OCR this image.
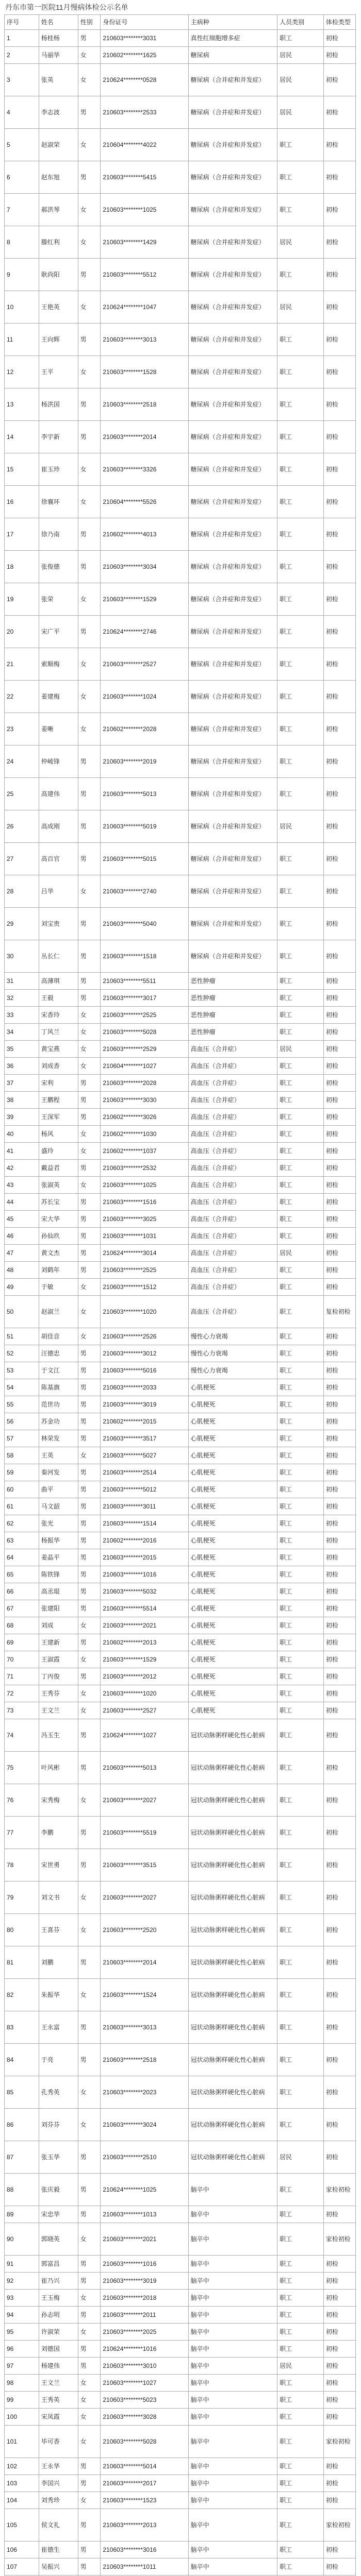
丹东市第一医院11月慢病体检公示名单
序号	姓名	性别	身份证号	主病种	人员类别	体检类型
1	杨桂杨	男	210603********3031	真性红细胞增多症	职工	初检
2	马丽华	女	210602********1625	糖尿病	居民	初检
3	张英	女	210624********0528	糖尿病（合并症和并发症）	居民	初检
4	李志波	男	210603********2533	糖尿病（合并症和并发症）	居民	初检
5	赵淑荣	女	210604********4022	糖尿病（合并症和并发症）	职工	初检
6	赵东旭	男	210603********5415	糖尿病（合并症和并发症）	职工	初检
7	郝洪琴	女	210603********1025	糖尿病（合并症和并发症）	职工	初检
8	滕红利	女	210603********1429	糖尿病（合并症和并发症）	居民	初检
9	耿尚阳	男	210603********5512	糖尿病（合并症和并发症）	职工	初检
10	王艳英	女	210624********1047	糖尿病（合并症和并发症）	居民	初检
11	王向辉	男	210603********3013	糖尿病（合并症和并发症）	职工	初检
12	王平	女	210603********1528	糖尿病（合并症和并发症）	职工	初检
13	杨洪国	男	210603********2518	糖尿病（合并症和并发症）	职工	初检
14	李宇新	男	210603********2014	糖尿病（合并症和并发症）	职工	初检
15	崔玉珍	女	210603********3326	糖尿病（合并症和并发症）	职工	初检
16	徐襄环	女	210604********5526	糖尿病（合并症和并发症）	职工	初检
17	徐乃南	男	210602********4013	糖尿病（合并症和并发症）	职工	初检
18	张俊德	男	210603********3034	糖尿病（合并症和并发症）	职工	初检
19	张荣	女	210603********1529	糖尿病（合并症和并发症）	职工	初检
20	宋广平	男	210624********2746	糖尿病（合并症和并发症）	职工	初检
21	索顺梅	女	210603********2527	糖尿病（合并症和并发症）	职工	初检
22	姜建梅	女	210603********1024	糖尿病（合并症和并发症）	职工	初检
23	姜晰	女	210602********2028	糖尿病（合并症和并发症）	职工	初检
24	仲崚锋	男	210603********2019	糖尿病（合并症和并发症）	职工	初检
25	高建伟	男	210603********5013	糖尿病（合并症和并发症）	职工	初检
26	高成刚	男	210603********5019	糖尿病（合并症和并发症）	居民	初检
27	高百官	男	210603********5015	糖尿病（合并症和并发症）	职工	初检
28	吕华	女	210603********2740	糖尿病（合并症和并发症）	职工	初检
29	刘宝贵	男	210603********5040	糖尿病（合并症和并发症）	职工	初检
30	丛长仁	男	210603********1518	糖尿病（合并症和并发症）	职工	初检
31	高薄琪	男	210603********5511	恶性肿瘤	职工	初检
32	王毅	男	210603********3017	恶性肿瘤	职工	初检
33	宋香玲	女	210603********2525	恶性肿瘤	职工	初检
34	丁风兰	女	210603********5028	恶性肿瘤	职工	初检
35	黄宝燕	女	210603********2529	高血压（合并症）	居民	初检
36	刘成香	女	210604********1027	高血压（合并症）	职工	初检
37	宋利	男	210603********2028	高血压（合并症）	职工	初检
38	王鹏程	男	210603********3030	高血压（合并症）	职工	初检
39	王深军	男	210602********3026	高血压（合并症）	职工	初检
40	杨风	女	210602********1030	高血压（合并症）	职工	初检
41	盛玲	女	210602********1037	高血压（合并症）	职工	初检
42	戴益君	男	210603********2532	高血压（合并症）	职工	初检
43	张淑英	女	210603********1025	高血压（合并症）	职工	初检
44	苏长宝	男	210603********1516	高血压（合并症）	职工	初检
45	宋大华	男	210603********3025	高血压（合并症）	职工	初检
46	孙仙玖	男	210603********1031	高血压（合并症）	职工	初检
47	黄文杰	男	210624********3014	高血压（合并症）	居民	初检
48	刘鹤年	男	210603********2525	高血压（合并症）	职工	初检
49	于敏	女	210603********1512	高血压（合并症）	职工	初检
50	赵淑兰	女	210603********1020	高血压（合并症）	职工	复检初检
51	胡佳音	女	210603********2526	慢性心力衰竭	职工	初检
52	汪德忠	男	210603********3012	慢性心力衰竭	职工	初检
53	于文江	男	210603********5016	慢性心力衰竭	职工	初检
54	陈基旗	男	210603********2033	心肌梗死	职工	初检
55	范世功	男	210603********3019	心肌梗死	职工	初检
56	苏金功	男	210602********2015	心肌梗死	职工	初检
57	林荣发	男	210603********3517	心肌梗死	职工	初检
58	王英	女	210603********5027	心肌梗死	职工	初检
59	秦河发	男	210603********2514	心肌梗死	职工	初检
60	曲平	男	210603********5012	心肌梗死	职工	初检
61	马文韶	男	210603********3011	心肌梗死	职工	初检
62	张光	男	210603********1514	心肌梗死	职工	初检
63	杨振华	男	210602********2016	心肌梗死	职工	初检
64	姜晶平	男	210603********2015	心肌梗死	职工	初检
65	陈铁锋	男	210603********1016	心肌梗死	职工	初检
66	高丞琨	男	210603********5032	心肌梗死	职工	初检
67	张建阳	男	210603********5514	心肌梗死	职工	初检
68	刘成	女	210603********2021	心肌梗死	职工	初检
69	王建新	男	210602********2013	心肌梗死	职工	初检
70	王淑霞	女	210603********1529	心肌梗死	职工	初检
71	丁丙俊	男	210603********2012	心肌梗死	职工	初检
72	王秀芬	女	210603********1020	心肌梗死	职工	初检
73	王文兰	女	210603********2527	心肌梗死	职工	初检
74	冯玉生	男	210624********1027	冠状动脉粥样硬化性心脏病	职工	初检
75	叶风彬	男	210603********5013	冠状动脉粥样硬化性心脏病	职工	初检
76	宋秀梅	女	210603********2027	冠状动脉粥样硬化性心脏病	职工	初检
77	李鹏	男	210603********5519	冠状动脉粥样硬化性心脏病	职工	初检
78	宋世勇	男	210603********3515	冠状动脉粥样硬化性心脏病	职工	初检
79	刘文书	女	210603********2027	冠状动脉粥样硬化性心脏病	职工	初检
80	王喜芬	女	210603********2520	冠状动脉粥样硬化性心脏病	职工	初检
81	刘鹏	男	210603********2014	冠状动脉粥样硬化性心脏病	职工	初检
82	朱振华	女	210603********1524	冠状动脉粥样硬化性心脏病	职工	初检
83	王永富	男	210603********3013	冠状动脉粥样硬化性心脏病	职工	初检
84	于亮	男	210603********2518	冠状动脉粥样硬化性心脏病	职工	初检
85	孔秀英	女	210603********2023	冠状动脉粥样硬化性心脏病	职工	初检
86	刘芬芬	女	210603********3024	冠状动脉粥样硬化性心脏病	职工	初检
87	张玉华	男	210603********2510	冠状动脉粥样硬化性心脏病	居民	初检
88	张庆毅	男	210624********1025	脑卒中	职工	家检初检
89	宋忠华	男	210603********1013	脑卒中	职工	初检
90	郭晓英	女	210603********2021	脑卒中	职工	家检初检
91	郭富昌	男	210603********1016	脑卒中	职工	初检
92	崔乃兴	男	210603********3019	脑卒中	职工	初检
93	王玉梅	女	210603********2018	脑卒中	职工	初检
94	孙志明	男	210603********2011	脑卒中	职工	初检
95	许淑荣	女	210603********2025	脑卒中	职工	初检
96	刘德国	男	210624********1016	脑卒中	职工	初检
97	杨建伟	男	210603********3010	脑卒中	居民	初检
98	王文兰	女	210603********1027	脑卒中	职工	初检
99	王秀英	女	210603********5023	脑卒中	职工	初检
100	宋凤霞	女	210603********3028	脑卒中	职工	初检
101	毕可香	女	210603********5028	脑卒中	职工	家检初检
102	王永华	男	210603********5014	脑卒中	职工	初检
103	李国兴	男	210603********2017	脑卒中	职工	初检
104	刘秀珍	女	210603********1523	脑卒中	职工	初检
105	侯文礼	男	210603********2013	脑卒中	职工	家检初检
106	崔德生	男	210603********3016	脑卒中	职工	初检
107	吴振兴	男	210603********1011	脑卒中	职工	初检
